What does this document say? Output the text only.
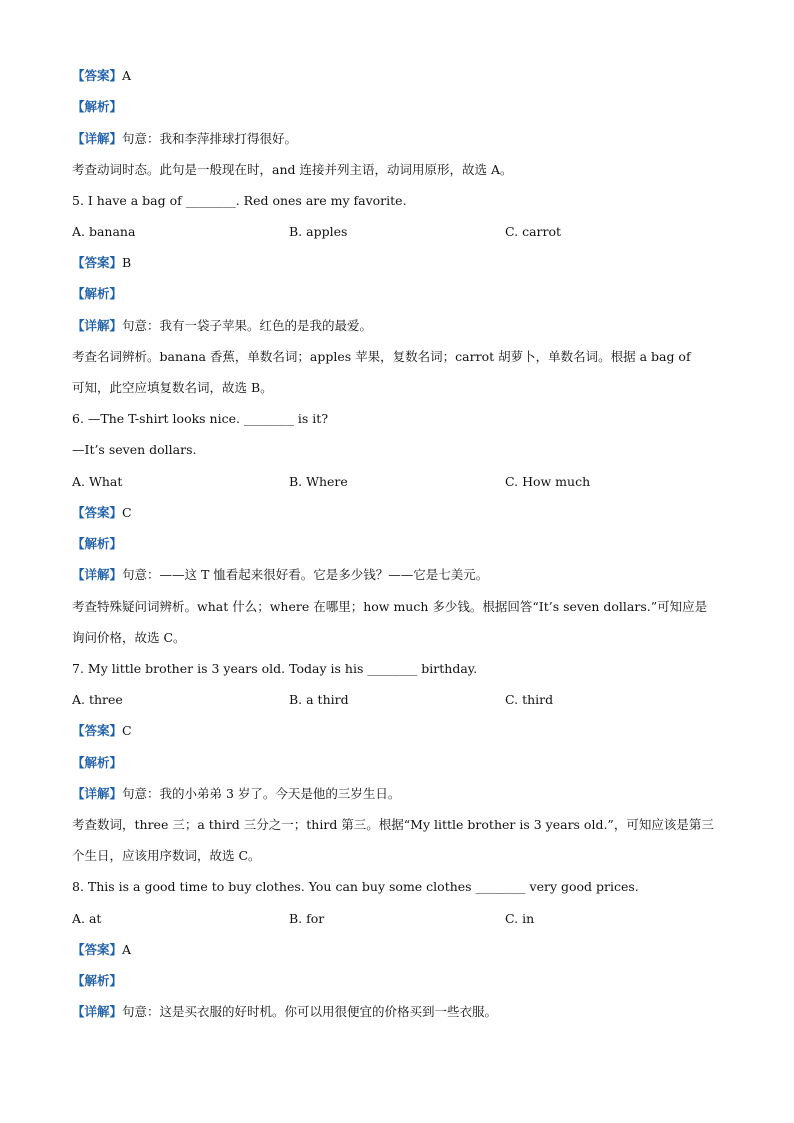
【答案】A
【解析】
【详解】句意：我和李萍排球打得很好。
考查动词时态。此句是一般现在时，and 连接并列主语，动词用原形，故选 A。
5. I have a bag of ________. Red ones are my favorite.
A. banana	B. apples	C. carrot
【答案】B
【解析】
【详解】句意：我有一袋子苹果。红色的是我的最爱。
考查名词辨析。banana 香蕉，单数名词；apples 苹果，复数名词；carrot 胡萝卜，单数名词。根据 a bag of
可知，此空应填复数名词，故选 B。
6. —The T-shirt looks nice. ________ is it?
—It’s seven dollars.
A. What	B. Where	C. How much
【答案】C
【解析】
【详解】句意：——这 T 恤看起来很好看。它是多少钱？——它是七美元。
考查特殊疑问词辨析。what 什么；where 在哪里；how much 多少钱。根据回答“It’s seven dollars.”可知应是
询问价格，故选 C。
7. My little brother is 3 years old. Today is his ________ birthday.
A. three	B. a third	C. third
【答案】C
【解析】
【详解】句意：我的小弟弟 3 岁了。今天是他的三岁生日。
考查数词，three 三；a third 三分之一；third 第三。根据“My little brother is 3 years old.”，可知应该是第三
个生日，应该用序数词，故选 C。
8. This is a good time to buy clothes. You can buy some clothes ________ very good prices.
A. at	B. for	C. in
【答案】A
【解析】
【详解】句意：这是买衣服的好时机。你可以用很便宜的价格买到一些衣服。
